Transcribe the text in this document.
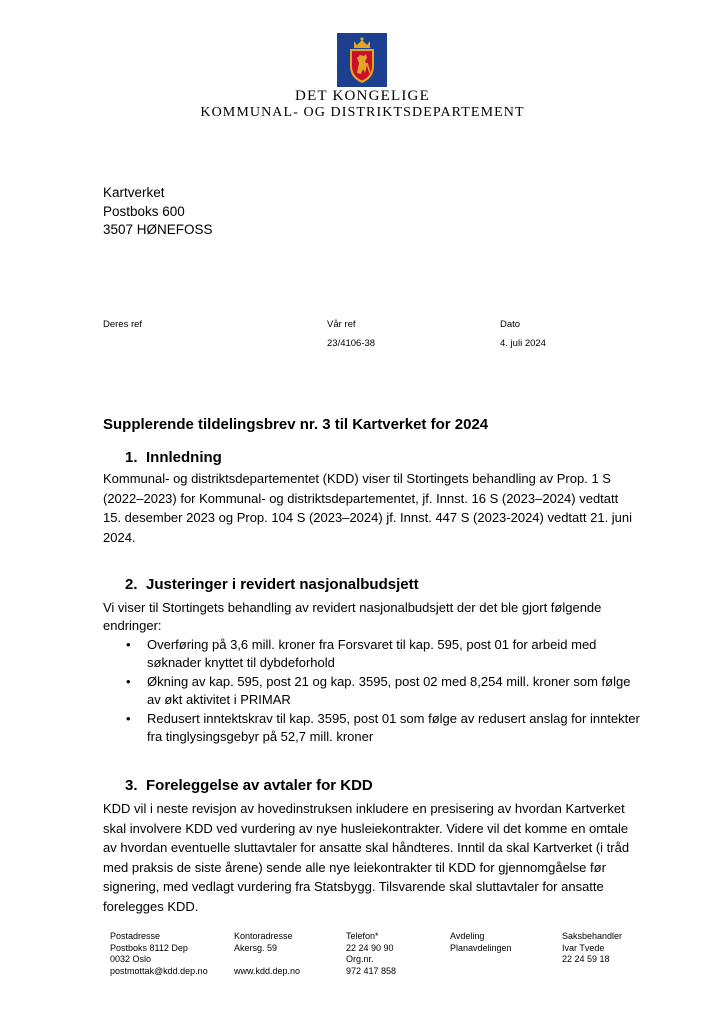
DET KONGELIGE
KOMMUNAL- OG DISTRIKTSDEPARTEMENT
Kartverket
Postboks 600
3507 HØNEFOSS
Deres ref	Vår ref
23/4106-38
Dato
4. juli 2024
Supplerende tildelingsbrev nr. 3 til Kartverket for 2024
1. Innledning
Kommunal- og distriktsdepartementet (KDD) viser til Stortingets behandling av Prop. 1 S
(2022–2023) for Kommunal- og distriktsdepartementet, jf. Innst. 16 S (2023–2024) vedtatt
15. desember 2023 og Prop. 104 S (2023–2024) jf. Innst. 447 S (2023-2024) vedtatt 21. juni
2024.
2. Justeringer i revidert nasjonalbudsjett
Vi viser til Stortingets behandling av revidert nasjonalbudsjett der det ble gjort følgende
endringer:
• Overføring på 3,6 mill. kroner fra Forsvaret til kap. 595, post 01 for arbeid med
søknader knyttet til dybdeforhold
• Økning av kap. 595, post 21 og kap. 3595, post 02 med 8,254 mill. kroner som følge
av økt aktivitet i PRIMAR
• Redusert inntektskrav til kap. 3595, post 01 som følge av redusert anslag for inntekter
fra tinglysingsgebyr på 52,7 mill. kroner
3. Foreleggelse av avtaler for KDD
KDD vil i neste revisjon av hovedinstruksen inkludere en presisering av hvordan Kartverket
skal involvere KDD ved vurdering av nye husleiekontrakter. Videre vil det komme en omtale
av hvordan eventuelle sluttavtaler for ansatte skal håndteres. Inntil da skal Kartverket (i tråd
med praksis de siste årene) sende alle nye leiekontrakter til KDD for gjennomgåelse før
signering, med vedlagt vurdering fra Statsbygg. Tilsvarende skal sluttavtaler for ansatte
forelegges KDD.
Postadresse
Postboks 8112 Dep
0032 Oslo
postmottak@kdd.dep.no
Kontoradresse
Akersg. 59
www.kdd.dep.no
Telefon*
22 24 90 90
Org.nr.
972 417 858
Avdeling
Planavdelingen
Saksbehandler
Ivar Tvede
22 24 59 18
